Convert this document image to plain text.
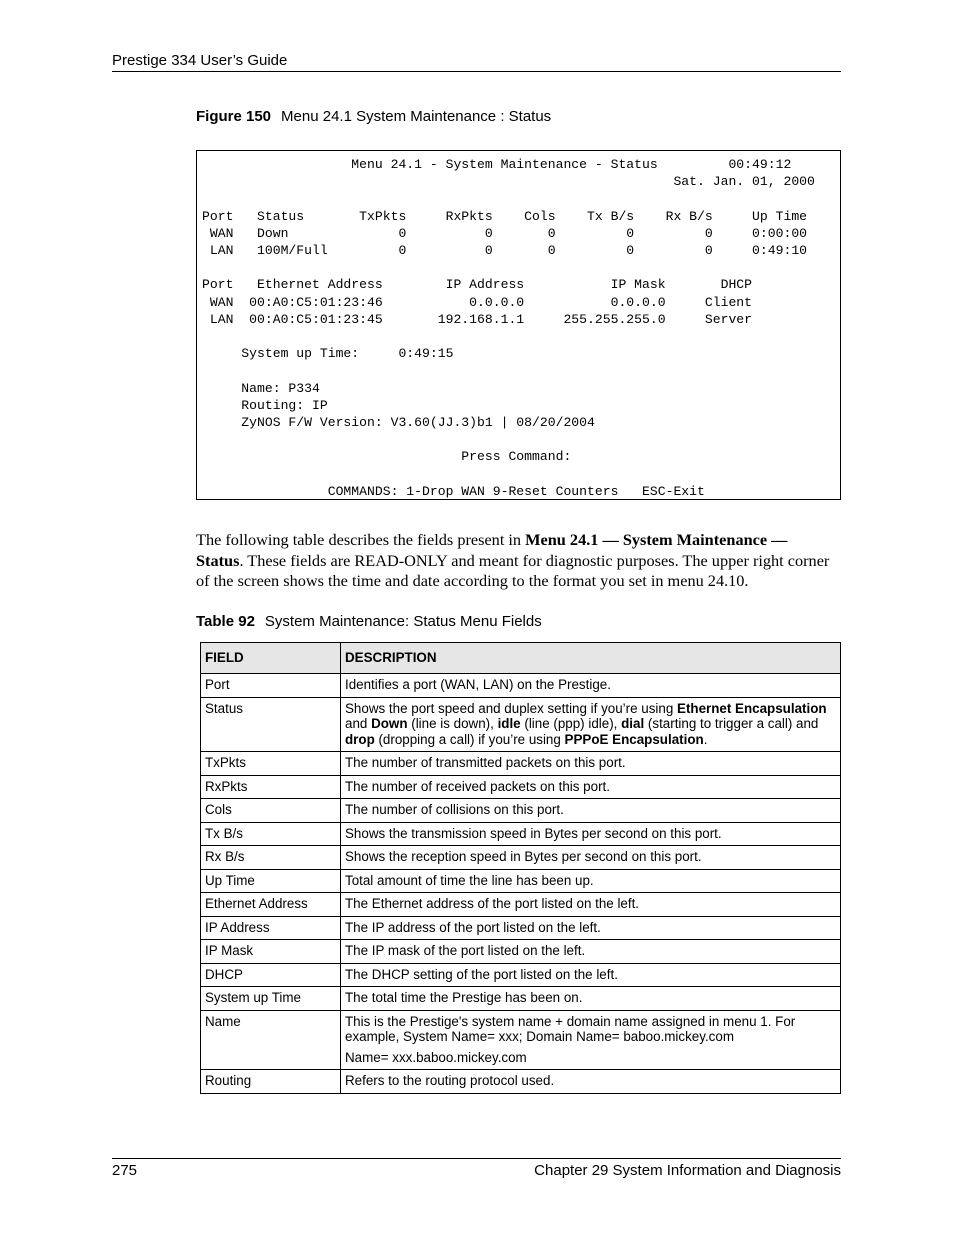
Prestige 334 User’s Guide
Figure 150 Menu 24.1 System Maintenance : Status
Menu 24.1 - System Maintenance - Status         00:49:12
Sat. Jan. 01, 2000

Port   Status       TxPkts     RxPkts    Cols    Tx B/s    Rx B/s     Up Time
WAN   Down              0          0       0         0         0     0:00:00
LAN   100M/Full         0          0       0         0         0     0:49:10

Port   Ethernet Address        IP Address           IP Mask       DHCP
WAN  00:A0:C5:01:23:46           0.0.0.0           0.0.0.0     Client
LAN  00:A0:C5:01:23:45       192.168.1.1     255.255.255.0     Server

System up Time:     0:49:15

Name: P334
Routing: IP
ZyNOS F/W Version: V3.60(JJ.3)b1 | 08/20/2004

Press Command:

COMMANDS: 1-Drop WAN 9-Reset Counters   ESC-Exit

The following table describes the fields present in Menu 24.1 — System Maintenance — Status. These fields are READ-ONLY and meant for diagnostic purposes. The upper right corner of the screen shows the time and date according to the format you set in menu 24.10.
Table 92 System Maintenance: Status Menu Fields
FIELD	DESCRIPTION
Port	Identifies a port (WAN, LAN) on the Prestige.
Status	Shows the port speed and duplex setting if you’re using Ethernet Encapsulation and Down (line is down), idle (line (ppp) idle), dial (starting to trigger a call) and drop (dropping a call) if you’re using PPPoE Encapsulation.
TxPkts	The number of transmitted packets on this port.
RxPkts	The number of received packets on this port.
Cols	The number of collisions on this port.
Tx B/s	Shows the transmission speed in Bytes per second on this port.
Rx B/s	Shows the reception speed in Bytes per second on this port.
Up Time	Total amount of time the line has been up.
Ethernet Address	The Ethernet address of the port listed on the left.
IP Address	The IP address of the port listed on the left.
IP Mask	The IP mask of the port listed on the left.
DHCP	The DHCP setting of the port listed on the left.
System up Time	The total time the Prestige has been on.
Name	This is the Prestige's system name + domain name assigned in menu 1. For example, System Name= xxx; Domain Name= baboo.mickey.com
Name= xxx.baboo.mickey.com

Routing	Refers to the routing protocol used.
275	Chapter 29 System Information and Diagnosis
